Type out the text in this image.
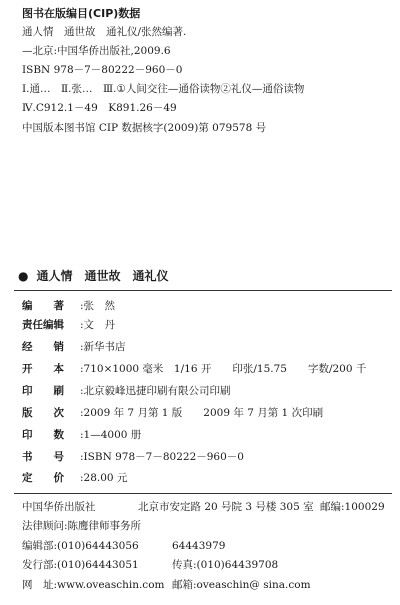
图书在版编目(CIP)数据
通人情　通世故　通礼仪/张然编著.
—北京:中国华侨出版社,2009.6
ISBN 978－7－80222－960－0
Ⅰ.通…　Ⅱ.张…　Ⅲ.①人间交往—通俗读物②礼仪—通俗读物
Ⅳ.C912.1－49　K891.26－49
中国版本图书馆 CIP 数据核字(2009)第 079578 号
● 通人情　通世故　通礼仪
编　　著 :张　然
责任编辑 :文　丹
经　　销 :新华书店
开　　本 :710×1000 毫米　1/16 开　　印张/15.75　　字数/200 千
印　　刷 :北京毅峰迅捷印刷有限公司印刷
版　　次 :2009 年 7 月第 1 版　　2009 年 7 月第 1 次印刷
印　　数 :1—4000 册
书　　号 :ISBN 978－7－80222－960－0
定　　价 :28.00 元
中国华侨出版社	北京市安定路 20 号院 3 号楼 305 室 邮编:100029
法律顾问:陈鹰律师事务所
编辑部:(010)64443056	64443979
发行部:(010)64443051	传真:(010)64439708
网　址:www.oveaschin.com 邮箱:oveaschin@ sina.com
